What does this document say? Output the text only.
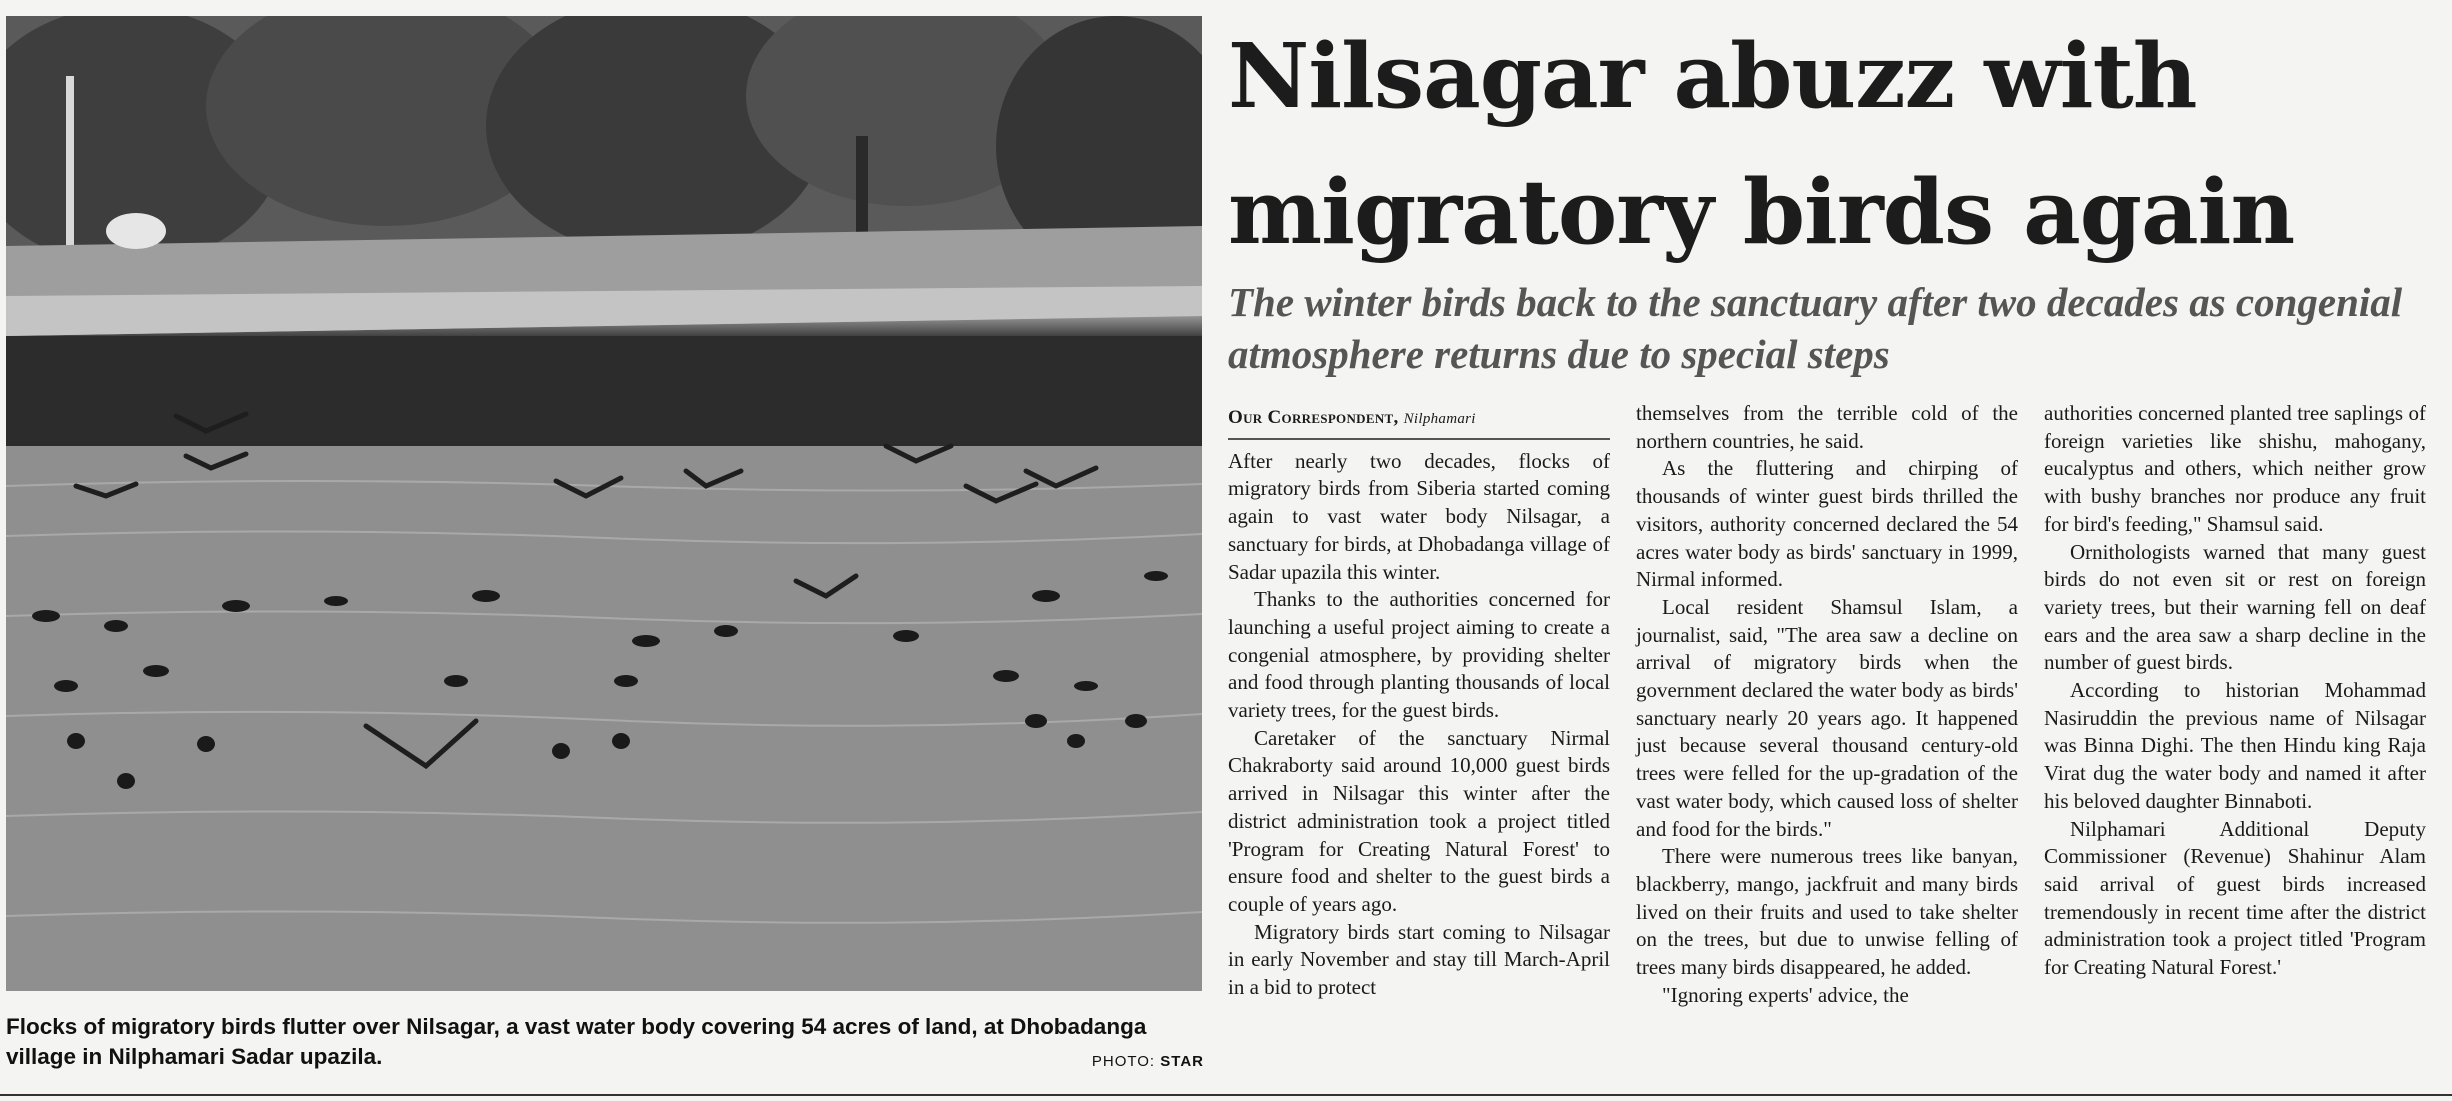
Flocks of migratory birds flutter over Nilsagar, a vast water body covering 54 acres of land, at Dhobadanga village in Nilphamari Sadar upazila.	PHOTO: STAR
Nilsagar abuzz with migratory birds again
The winter birds back to the sanctuary after two decades as congenial atmosphere returns due to special steps
Our Correspondent, Nilphamari

After nearly two decades, flocks of migratory birds from Siberia started coming again to vast water body Nilsagar, a sanctuary for birds, at Dhobadanga village of Sadar upazila this winter.

Thanks to the authorities concerned for launching a useful project aiming to create a congenial atmosphere, by providing shelter and food through planting thousands of local variety trees, for the guest birds.

Caretaker of the sanctuary Nirmal Chakraborty said around 10,000 guest birds arrived in Nilsagar this winter after the district administration took a project titled 'Program for Creating Natural Forest' to ensure food and shelter to the guest birds a couple of years ago.

Migratory birds start coming to Nilsagar in early November and stay till March-April in a bid to protect

themselves from the terrible cold of the northern countries, he said.

As the fluttering and chirping of thousands of winter guest birds thrilled the visitors, authority concerned declared the 54 acres water body as birds' sanctuary in 1999, Nirmal informed.

Local resident Shamsul Islam, a journalist, said, "The area saw a decline on arrival of migratory birds when the government declared the water body as birds' sanctuary nearly 20 years ago. It happened just because several thousand century-old trees were felled for the up-gradation of the vast water body, which caused loss of shelter and food for the birds."

There were numerous trees like banyan, blackberry, mango, jackfruit and many birds lived on their fruits and used to take shelter on the trees, but due to unwise felling of trees many birds disappeared, he added.

"Ignoring experts' advice, the

authorities concerned planted tree saplings of foreign varieties like shishu, mahogany, eucalyptus and others, which neither grow with bushy branches nor produce any fruit for bird's feeding," Shamsul said.

Ornithologists warned that many guest birds do not even sit or rest on foreign variety trees, but their warning fell on deaf ears and the area saw a sharp decline in the number of guest birds.

According to historian Mohammad Nasiruddin the previous name of Nilsagar was Binna Dighi. The then Hindu king Raja Virat dug the water body and named it after his beloved daughter Binnaboti.

Nilphamari Additional Deputy Commissioner (Revenue) Shahinur Alam said arrival of guest birds increased tremendously in recent time after the district administration took a project titled 'Program for Creating Natural Forest.'
